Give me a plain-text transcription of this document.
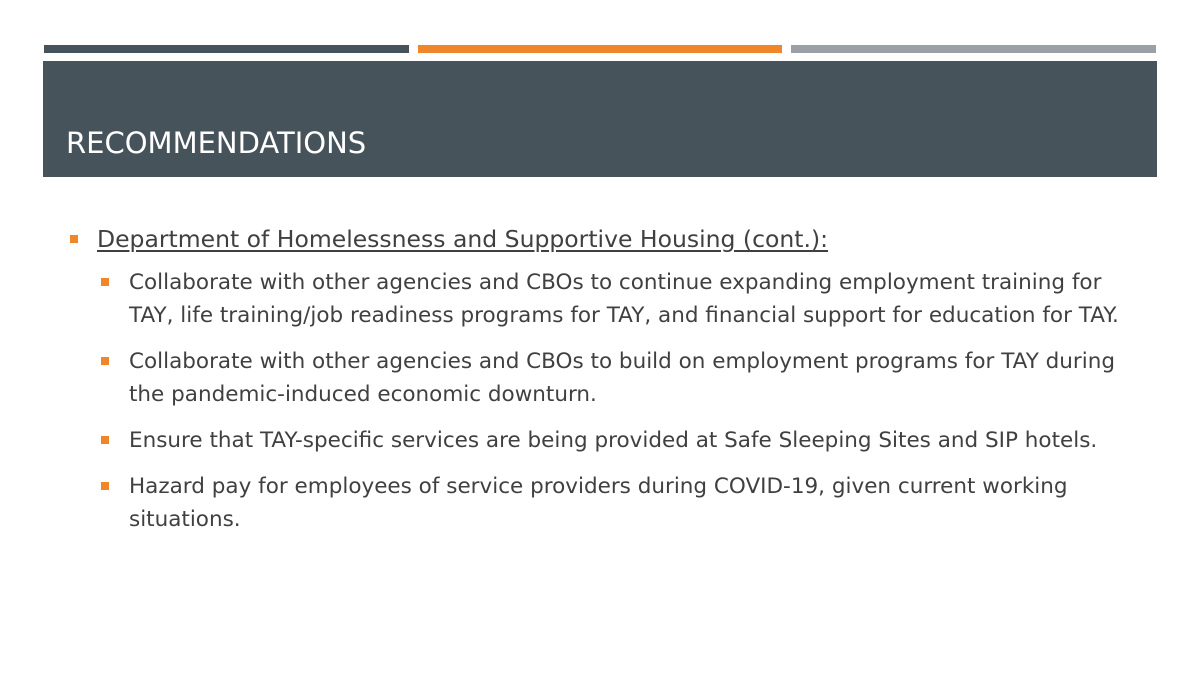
RECOMMENDATIONS
Department of Homelessness and Supportive Housing (cont.):
Collaborate with other agencies and CBOs to continue expanding employment training for TAY, life training/job readiness programs for TAY, and financial support for education for TAY.
Collaborate with other agencies and CBOs to build on employment programs for TAY during the pandemic-induced economic downturn.
Ensure that TAY-specific services are being provided at Safe Sleeping Sites and SIP hotels.
Hazard pay for employees of service providers during COVID-19, given current working situations.
